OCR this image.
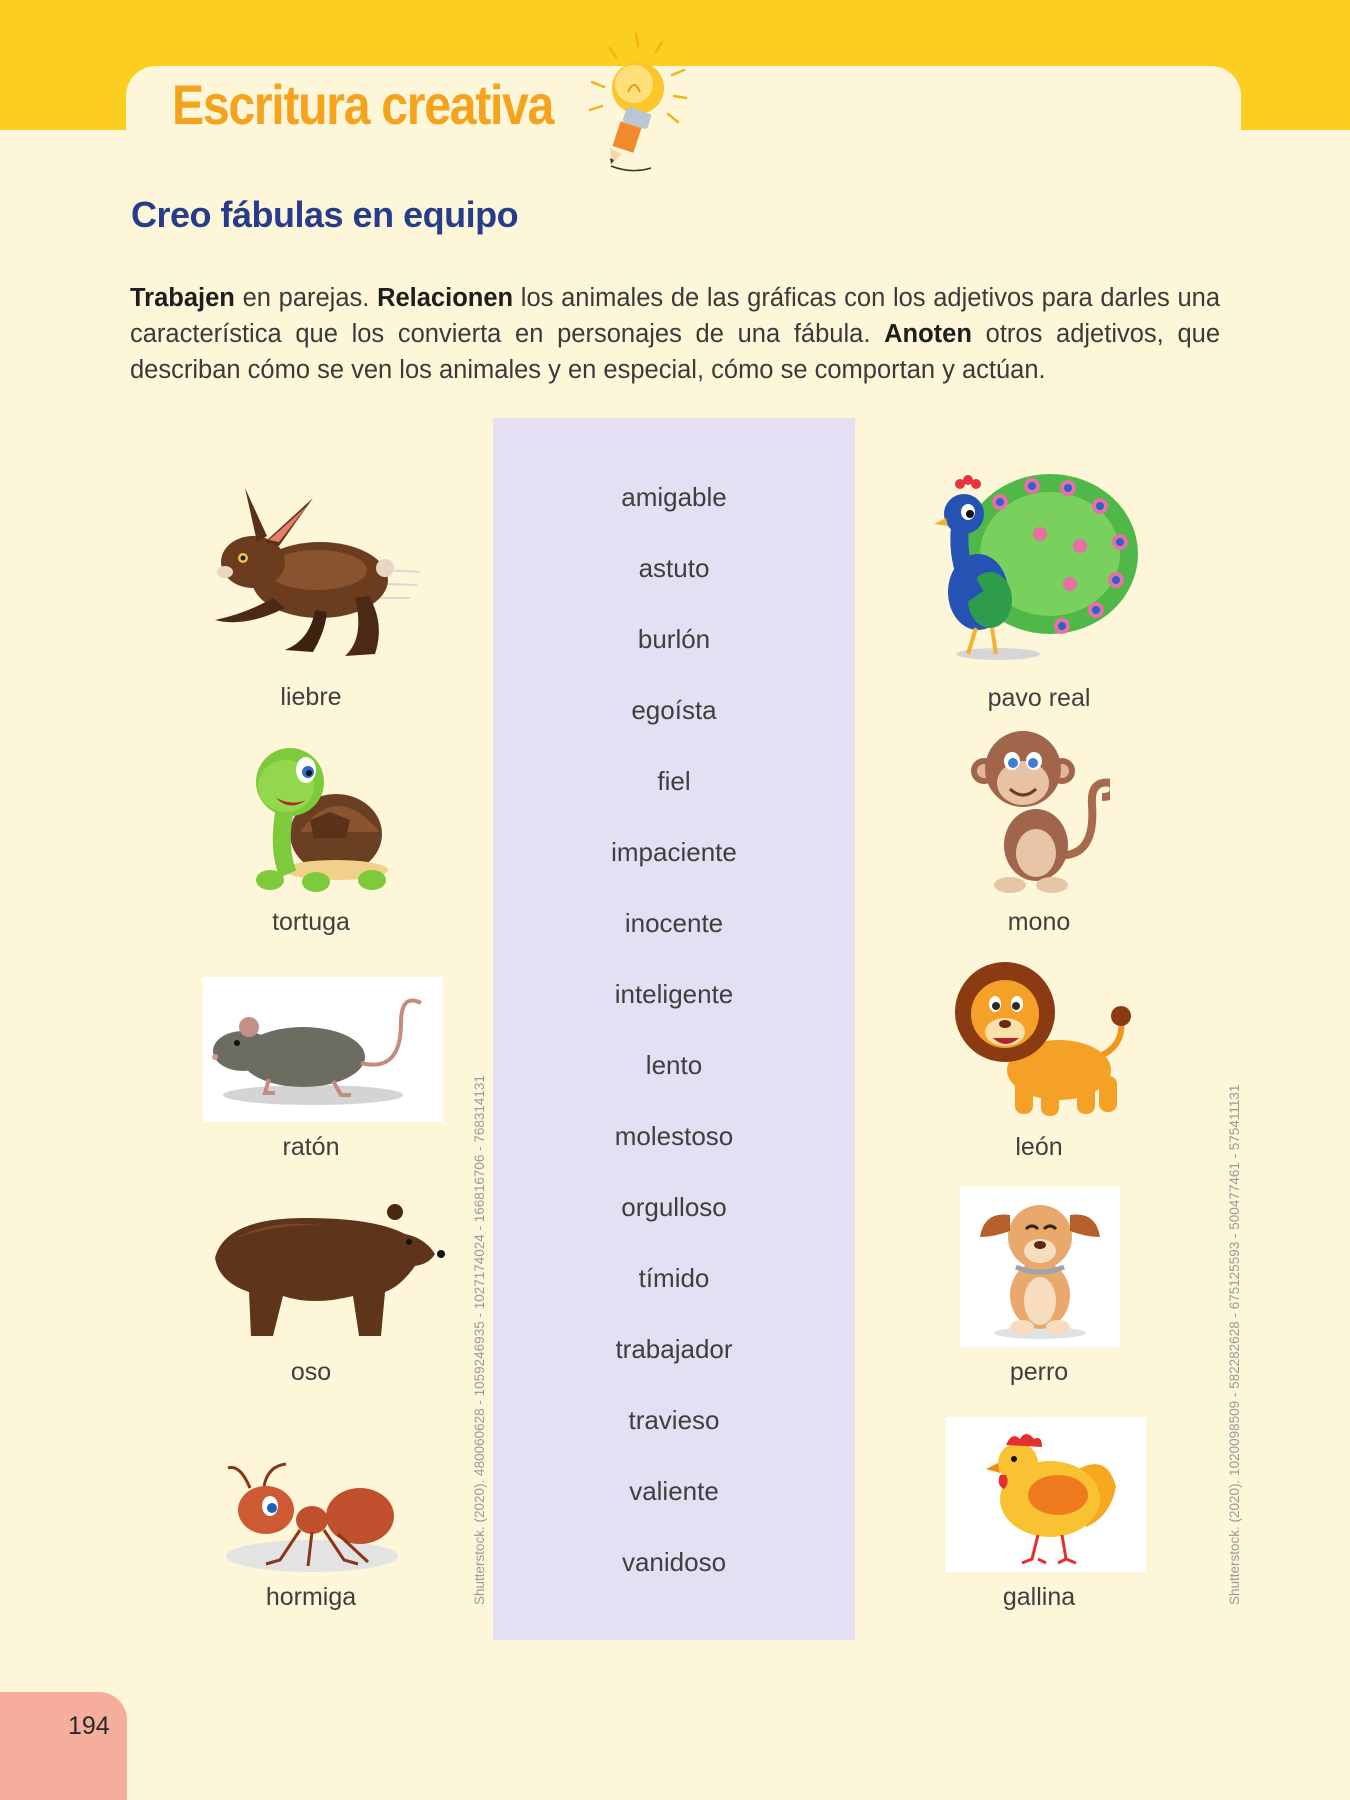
Escritura creativa
Creo fábulas en equipo

Trabajen en parejas. Relacionen los animales de las gráficas con los adjetivos para darles una característica que los convierta en personajes de una fábula. Anoten otros adjetivos, que describan cómo se ven los animales y en especial, cómo se comportan y actúan.

amigable
astuto
burlón
egoísta
fiel
impaciente
inocente
inteligente
lento
molestoso
orgulloso
tímido
trabajador
travieso
valiente
vanidoso
liebre
tortuga
ratón
oso
hormiga
pavo real
mono
león
perro
gallina
Shutterstock. (2020). 480060628 - 1059246935 - 1027174024 - 166816706 - 768314131	Shutterstock. (2020). 1020098509 - 582282628 - 675125593 - 500477461 - 575411131
194
